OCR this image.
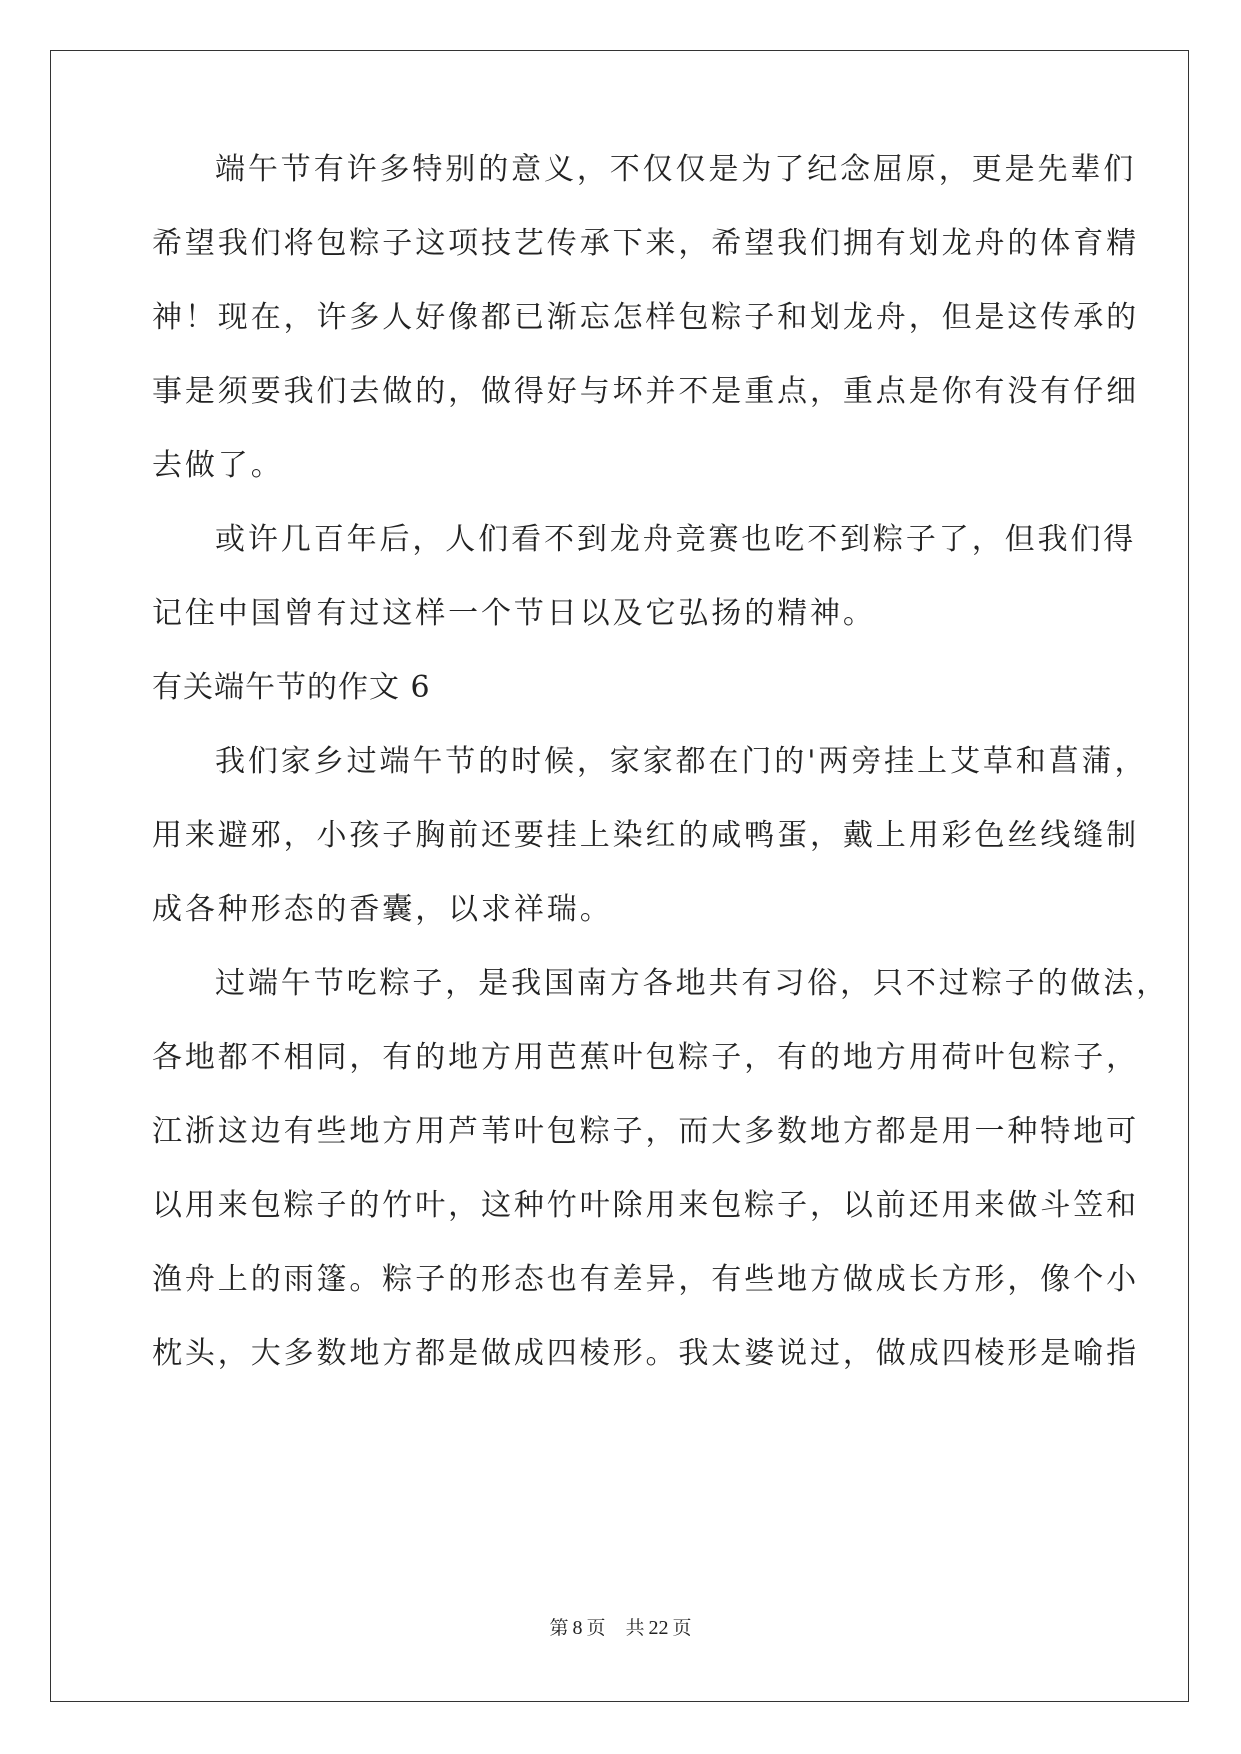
端午节有许多特别的意义，不仅仅是为了纪念屈原，更是先辈们
希望我们将包粽子这项技艺传承下来，希望我们拥有划龙舟的体育精
神！现在，许多人好像都已渐忘怎样包粽子和划龙舟，但是这传承的
事是须要我们去做的，做得好与坏并不是重点，重点是你有没有仔细
去做了。
或许几百年后，人们看不到龙舟竞赛也吃不到粽子了，但我们得
记住中国曾有过这样一个节日以及它弘扬的精神。
有关端午节的作文 6
我们家乡过端午节的时候，家家都在门的'两旁挂上艾草和菖蒲，
用来避邪，小孩子胸前还要挂上染红的咸鸭蛋，戴上用彩色丝线缝制
成各种形态的香囊，以求祥瑞。
过端午节吃粽子，是我国南方各地共有习俗，只不过粽子的做法，
各地都不相同，有的地方用芭蕉叶包粽子，有的地方用荷叶包粽子，
江浙这边有些地方用芦苇叶包粽子，而大多数地方都是用一种特地可
以用来包粽子的竹叶，这种竹叶除用来包粽子，以前还用来做斗笠和
渔舟上的雨篷。粽子的形态也有差异，有些地方做成长方形，像个小
枕头，大多数地方都是做成四棱形。我太婆说过，做成四棱形是喻指
第 8 页 共 22 页
